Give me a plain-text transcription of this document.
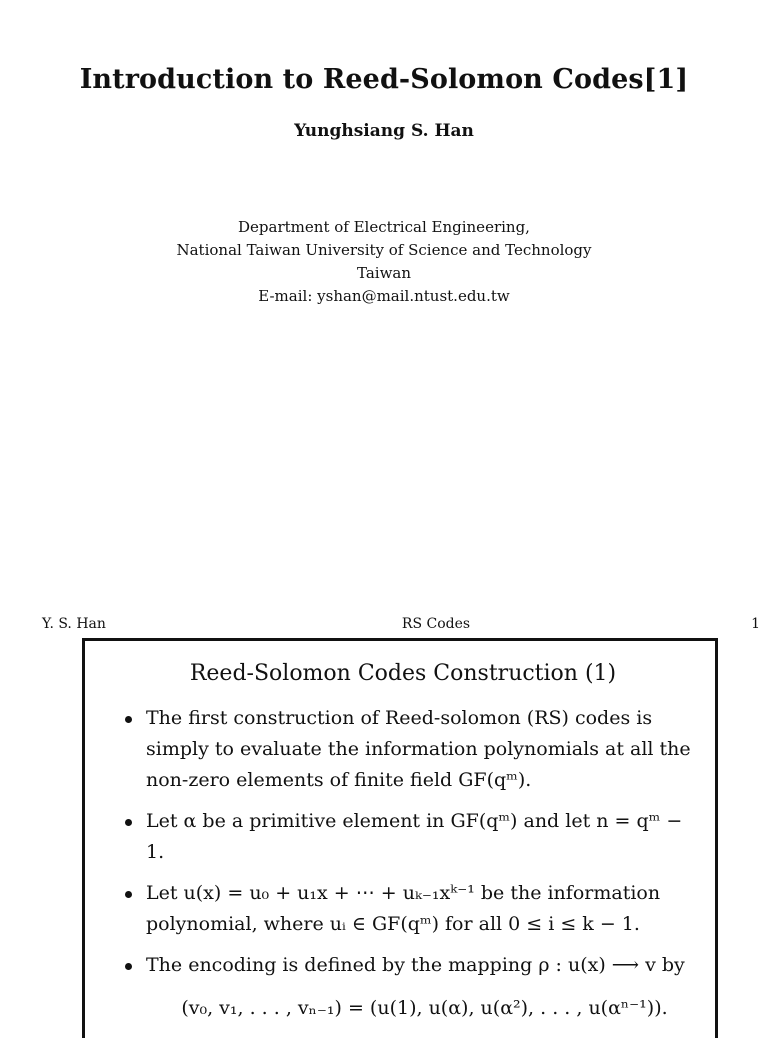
Introduction to Reed-Solomon Codes[1]
Yunghsiang S. Han
Department of Electrical Engineering,
National Taiwan University of Science and Technology
Taiwan
E-mail: yshan@mail.ntust.edu.tw
Y. S. Han	RS Codes	1
Reed-Solomon Codes Construction (1)
The first construction of Reed-solomon (RS) codes is simply to evaluate the information polynomials at all the non-zero elements of finite field GF(qᵐ).
Let α be a primitive element in GF(qᵐ) and let n = qᵐ − 1.
Let u(x) = u₀ + u₁x + ⋯ + uₖ₋₁xᵏ⁻¹ be the information polynomial, where uᵢ ∈ GF(qᵐ) for all 0 ≤ i ≤ k − 1.
The encoding is defined by the mapping ρ : u(x) ⟶ v by
(v₀, v₁, . . . , vₙ₋₁) = (u(1), u(α), u(α²), . . . , u(αⁿ⁻¹)).
